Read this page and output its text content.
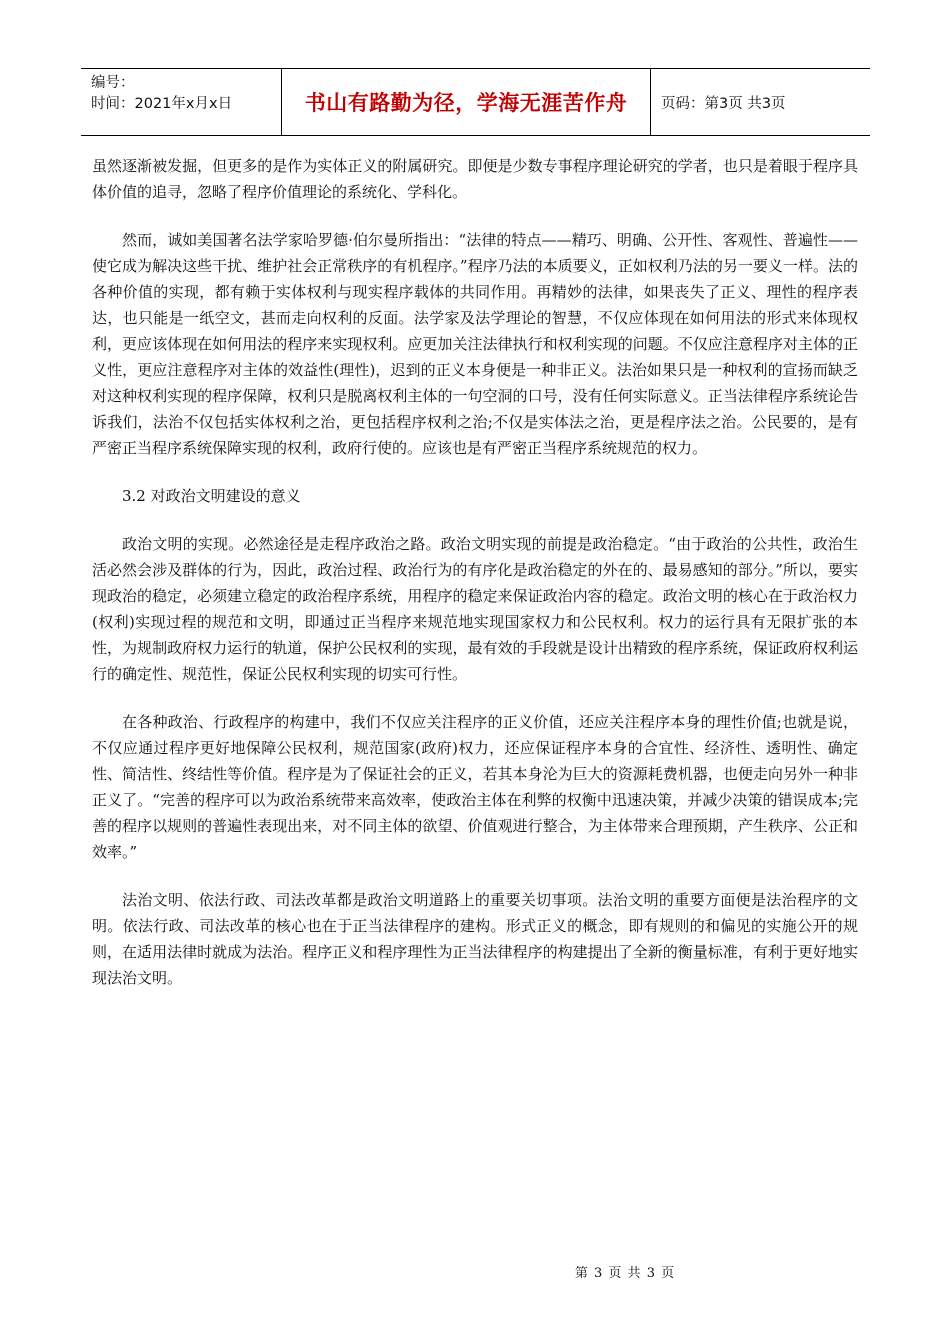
编号：
时间：2021年x月x日	书山有路勤为径，学海无涯苦作舟	页码：第3页 共3页

虽然逐渐被发掘，但更多的是作为实体正义的附属研究。即便是少数专事程序理论研究的学者，也只是着眼于程序具体价值的追寻，忽略了程序价值理论的系统化、学科化。

然而，诚如美国著名法学家哈罗德·伯尔曼所指出：“法律的特点——精巧、明确、公开性、客观性、普遍性——使它成为解决这些干扰、维护社会正常秩序的有机程序。”程序乃法的本质要义，正如权利乃法的另一要义一样。法的各种价值的实现，都有赖于实体权利与现实程序载体的共同作用。再精妙的法律，如果丧失了正义、理性的程序表达，也只能是一纸空文，甚而走向权利的反面。法学家及法学理论的智慧，不仅应体现在如何用法的形式来体现权利，更应该体现在如何用法的程序来实现权利。应更加关注法律执行和权利实现的问题。不仅应注意程序对主体的正义性，更应注意程序对主体的效益性(理性)，迟到的正义本身便是一种非正义。法治如果只是一种权利的宣扬而缺乏对这种权利实现的程序保障，权利只是脱离权利主体的一句空洞的口号，没有任何实际意义。正当法律程序系统论告诉我们，法治不仅包括实体权利之治，更包括程序权利之治;不仅是实体法之治，更是程序法之治。公民要的，是有严密正当程序系统保障实现的权利，政府行使的。应该也是有严密正当程序系统规范的权力。

3.2 对政治文明建设的意义

政治文明的实现。必然途径是走程序政治之路。政治文明实现的前提是政治稳定。“由于政治的公共性，政治生活必然会涉及群体的行为，因此，政治过程、政治行为的有序化是政治稳定的外在的、最易感知的部分。”所以，要实现政治的稳定，必须建立稳定的政治程序系统，用程序的稳定来保证政治内容的稳定。政治文明的核心在于政治权力(权利)实现过程的规范和文明，即通过正当程序来规范地实现国家权力和公民权利。权力的运行具有无限扩张的本性，为规制政府权力运行的轨道，保护公民权利的实现，最有效的手段就是设计出精致的程序系统，保证政府权利运行的确定性、规范性，保证公民权利实现的切实可行性。

在各种政治、行政程序的构建中，我们不仅应关注程序的正义价值，还应关注程序本身的理性价值;也就是说，不仅应通过程序更好地保障公民权利，规范国家(政府)权力，还应保证程序本身的合宜性、经济性、透明性、确定性、简洁性、终结性等价值。程序是为了保证社会的正义，若其本身沦为巨大的资源耗费机器，也便走向另外一种非正义了。“完善的程序可以为政治系统带来高效率，使政治主体在利弊的权衡中迅速决策，并减少决策的错误成本;完善的程序以规则的普遍性表现出来，对不同主体的欲望、价值观进行整合，为主体带来合理预期，产生秩序、公正和效率。”

法治文明、依法行政、司法改革都是政治文明道路上的重要关切事项。法治文明的重要方面便是法治程序的文明。依法行政、司法改革的核心也在于正当法律程序的建构。形式正义的概念，即有规则的和偏见的实施公开的规则，在适用法律时就成为法治。程序正义和程序理性为正当法律程序的构建提出了全新的衡量标准，有利于更好地实现法治文明。

第 3 页 共 3 页
